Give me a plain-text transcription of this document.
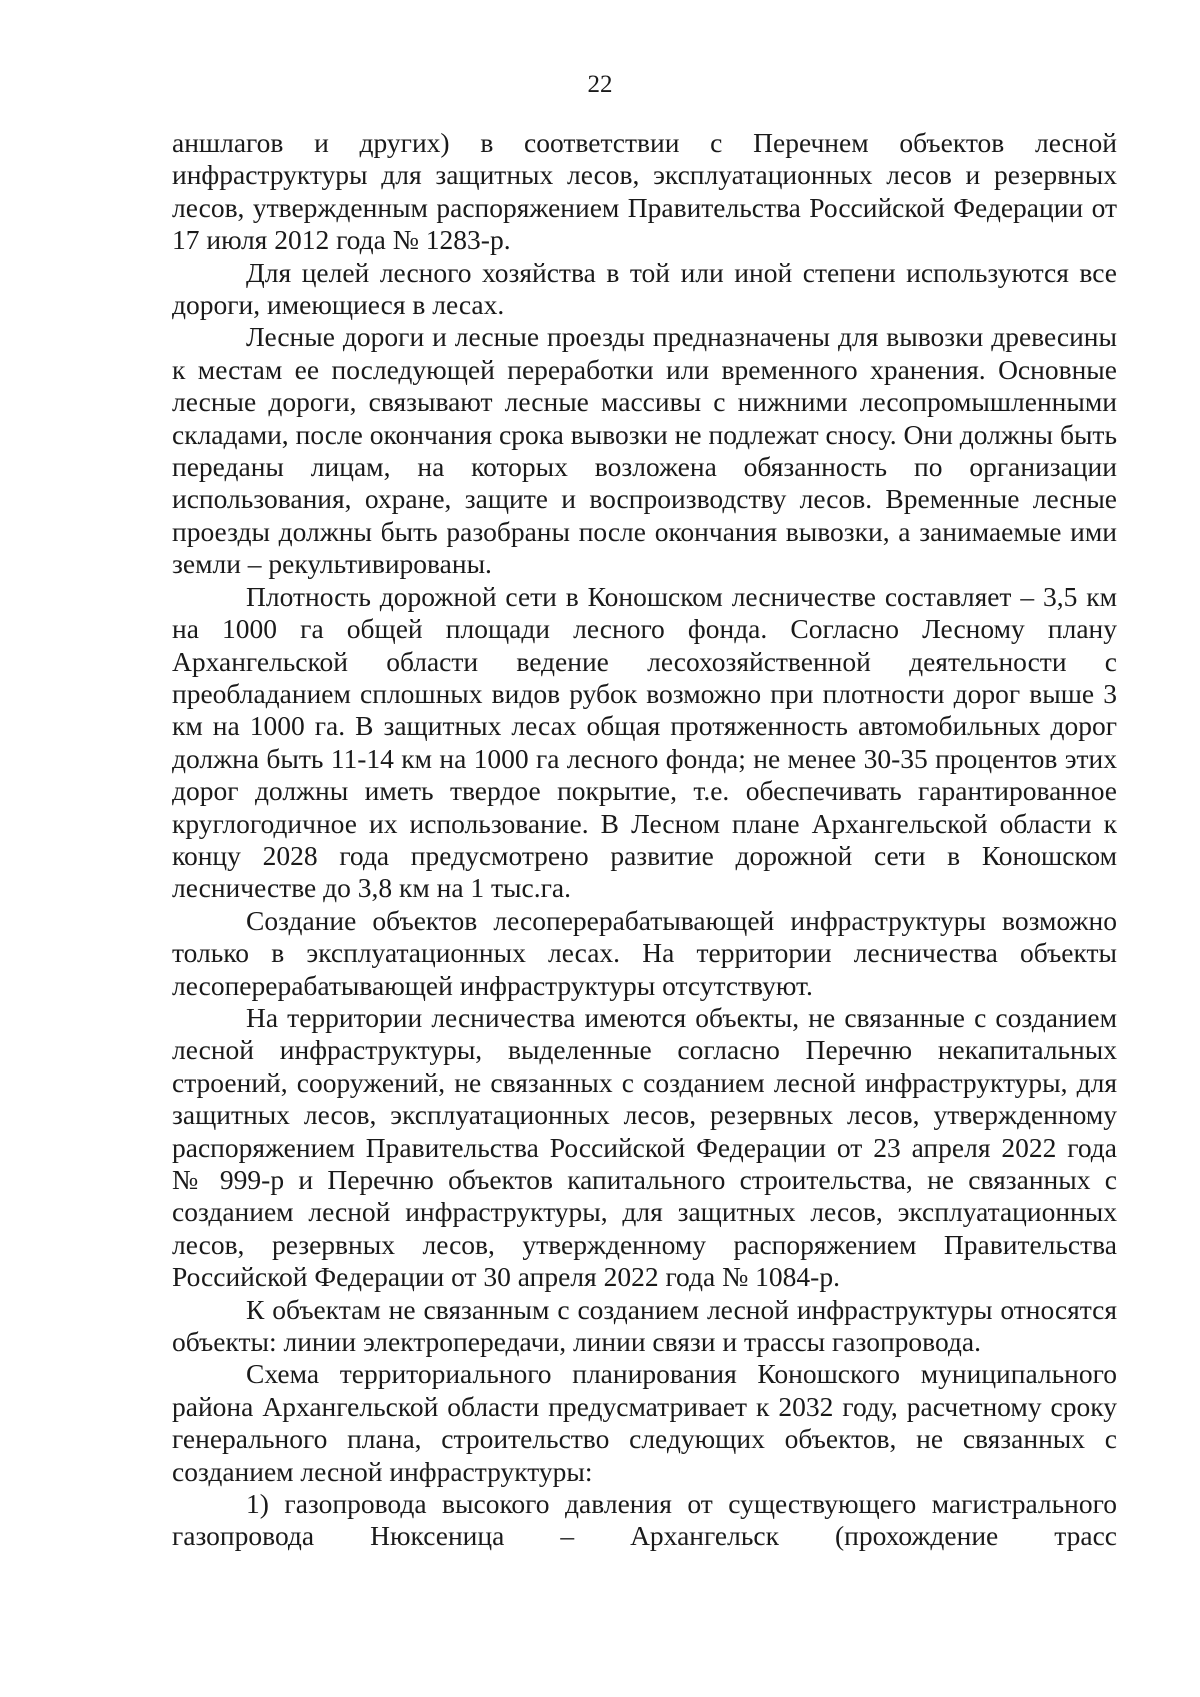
22

аншлагов и других) в соответствии с Перечнем объектов лесной инфраструктуры для защитных лесов, эксплуатационных лесов и резервных лесов, утвержденным распоряжением Правительства Российской Федерации от 17 июля 2012 года № 1283-р.

Для целей лесного хозяйства в той или иной степени используются все дороги, имеющиеся в лесах.

Лесные дороги и лесные проезды предназначены для вывозки древесины к местам ее последующей переработки или временного хранения. Основные лесные дороги, связывают лесные массивы с нижними лесопромышленными складами, после окончания срока вывозки не подлежат сносу. Они должны быть переданы лицам, на которых возложена обязанность по организации использования, охране, защите и воспроизводству лесов. Временные лесные проезды должны быть разобраны после окончания вывозки, а занимаемые ими земли – рекультивированы.

Плотность дорожной сети в Коношском лесничестве составляет – 3,5 км на 1000 га общей площади лесного фонда. Согласно Лесному плану Архангельской области ведение лесохозяйственной деятельности с преобладанием сплошных видов рубок возможно при плотности дорог выше 3 км на 1000 га. В защитных лесах общая протяженность автомобильных дорог должна быть 11-14 км на 1000 га лесного фонда; не менее 30-35 процентов этих дорог должны иметь твердое покрытие, т.е. обеспечивать гарантированное круглогодичное их использование. В Лесном плане Архангельской области к концу 2028 года предусмотрено развитие дорожной сети в Коношском лесничестве до 3,8 км на 1 тыс.га.

Создание объектов лесоперерабатывающей инфраструктуры возможно только в эксплуатационных лесах. На территории лесничества объекты лесоперерабатывающей инфраструктуры отсутствуют.

На территории лесничества имеются объекты, не связанные с созданием лесной инфраструктуры, выделенные согласно Перечню некапитальных строений, сооружений, не связанных с созданием лесной инфраструктуры, для защитных лесов, эксплуатационных лесов, резервных лесов, утвержденному распоряжением Правительства Российской Федерации от 23 апреля 2022 года № 999-р и Перечню объектов капитального строительства, не связанных с созданием лесной инфраструктуры, для защитных лесов, эксплуатационных лесов, резервных лесов, утвержденному распоряжением Правительства Российской Федерации от 30 апреля 2022 года № 1084-р.

К объектам не связанным с созданием лесной инфраструктуры относятся объекты: линии электропередачи, линии связи и трассы газопровода.

Схема территориального планирования Коношского муниципального района Архангельской области предусматривает к 2032 году, расчетному сроку генерального плана, строительство следующих объектов, не связанных с созданием лесной инфраструктуры:

1) газопровода высокого давления от существующего магистрального газопровода Нюксеница – Архангельск (прохождение трасс
